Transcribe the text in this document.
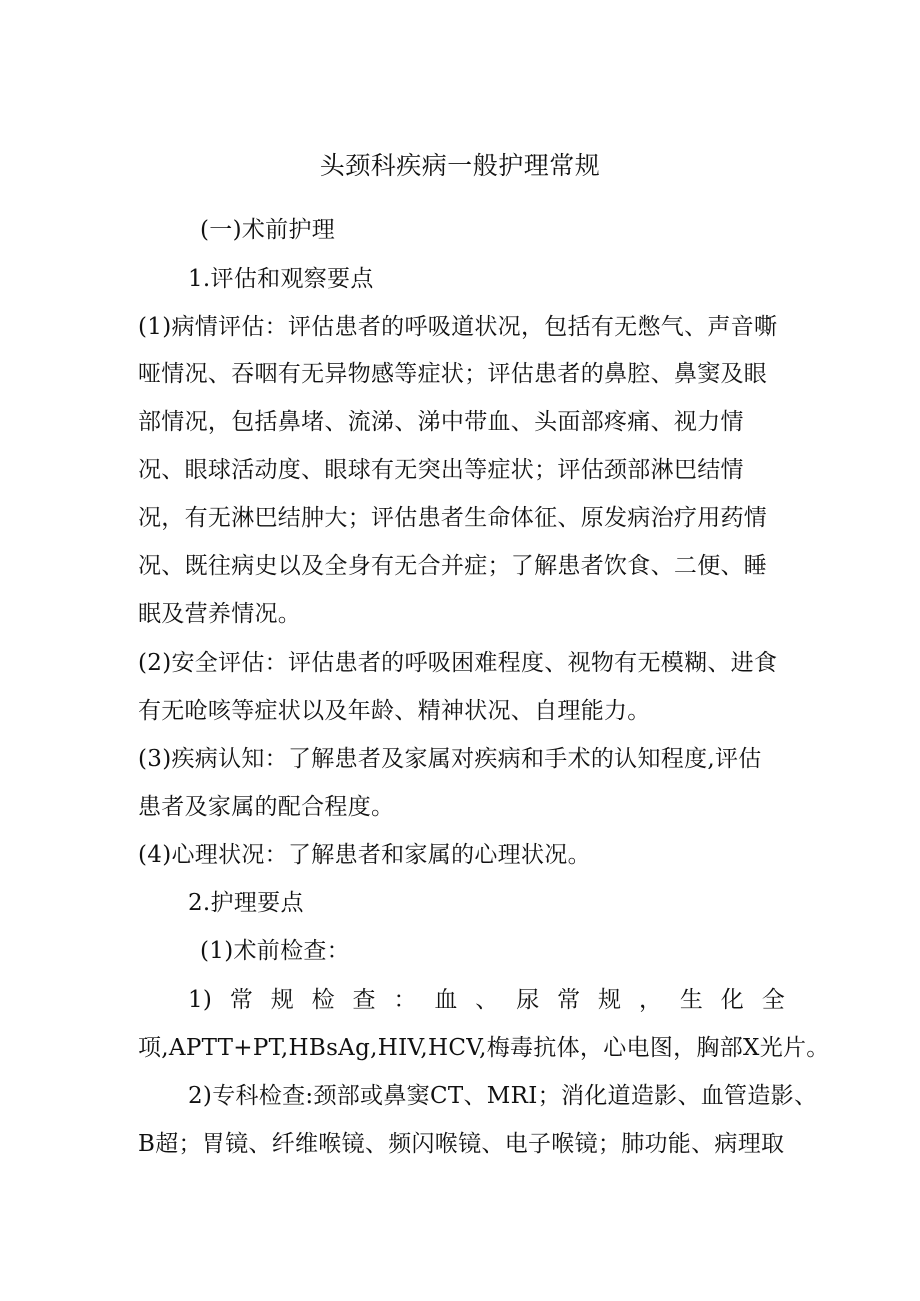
头颈科疾病一般护理常规
(一)术前护理
1.评估和观察要点
(1)病情评估：评估患者的呼吸道状况，包括有无憋气、声音嘶
哑情况、吞咽有无异物感等症状；评估患者的鼻腔、鼻窦及眼
部情况，包括鼻堵、流涕、涕中带血、头面部疼痛、视力情
况、眼球活动度、眼球有无突出等症状；评估颈部淋巴结情
况，有无淋巴结肿大；评估患者生命体征、原发病治疗用药情
况、既往病史以及全身有无合并症；了解患者饮食、二便、睡
眠及营养情况。
(2)安全评估：评估患者的呼吸困难程度、视物有无模糊、进食
有无呛咳等症状以及年龄、精神状况、自理能力。
(3)疾病认知：了解患者及家属对疾病和手术的认知程度,评估
患者及家属的配合程度。
(4)心理状况：了解患者和家属的心理状况。
2.护理要点
(1)术前检查：
1)常规检查：血、尿常规，生化全
项,APTT+PT,HBsAg,HIV,HCV,梅毒抗体，心电图，胸部X光片。
2)专科检查:颈部或鼻窦CT、MRI；消化道造影、血管造影、
B超；胃镜、纤维喉镜、频闪喉镜、电子喉镜；肺功能、病理取
